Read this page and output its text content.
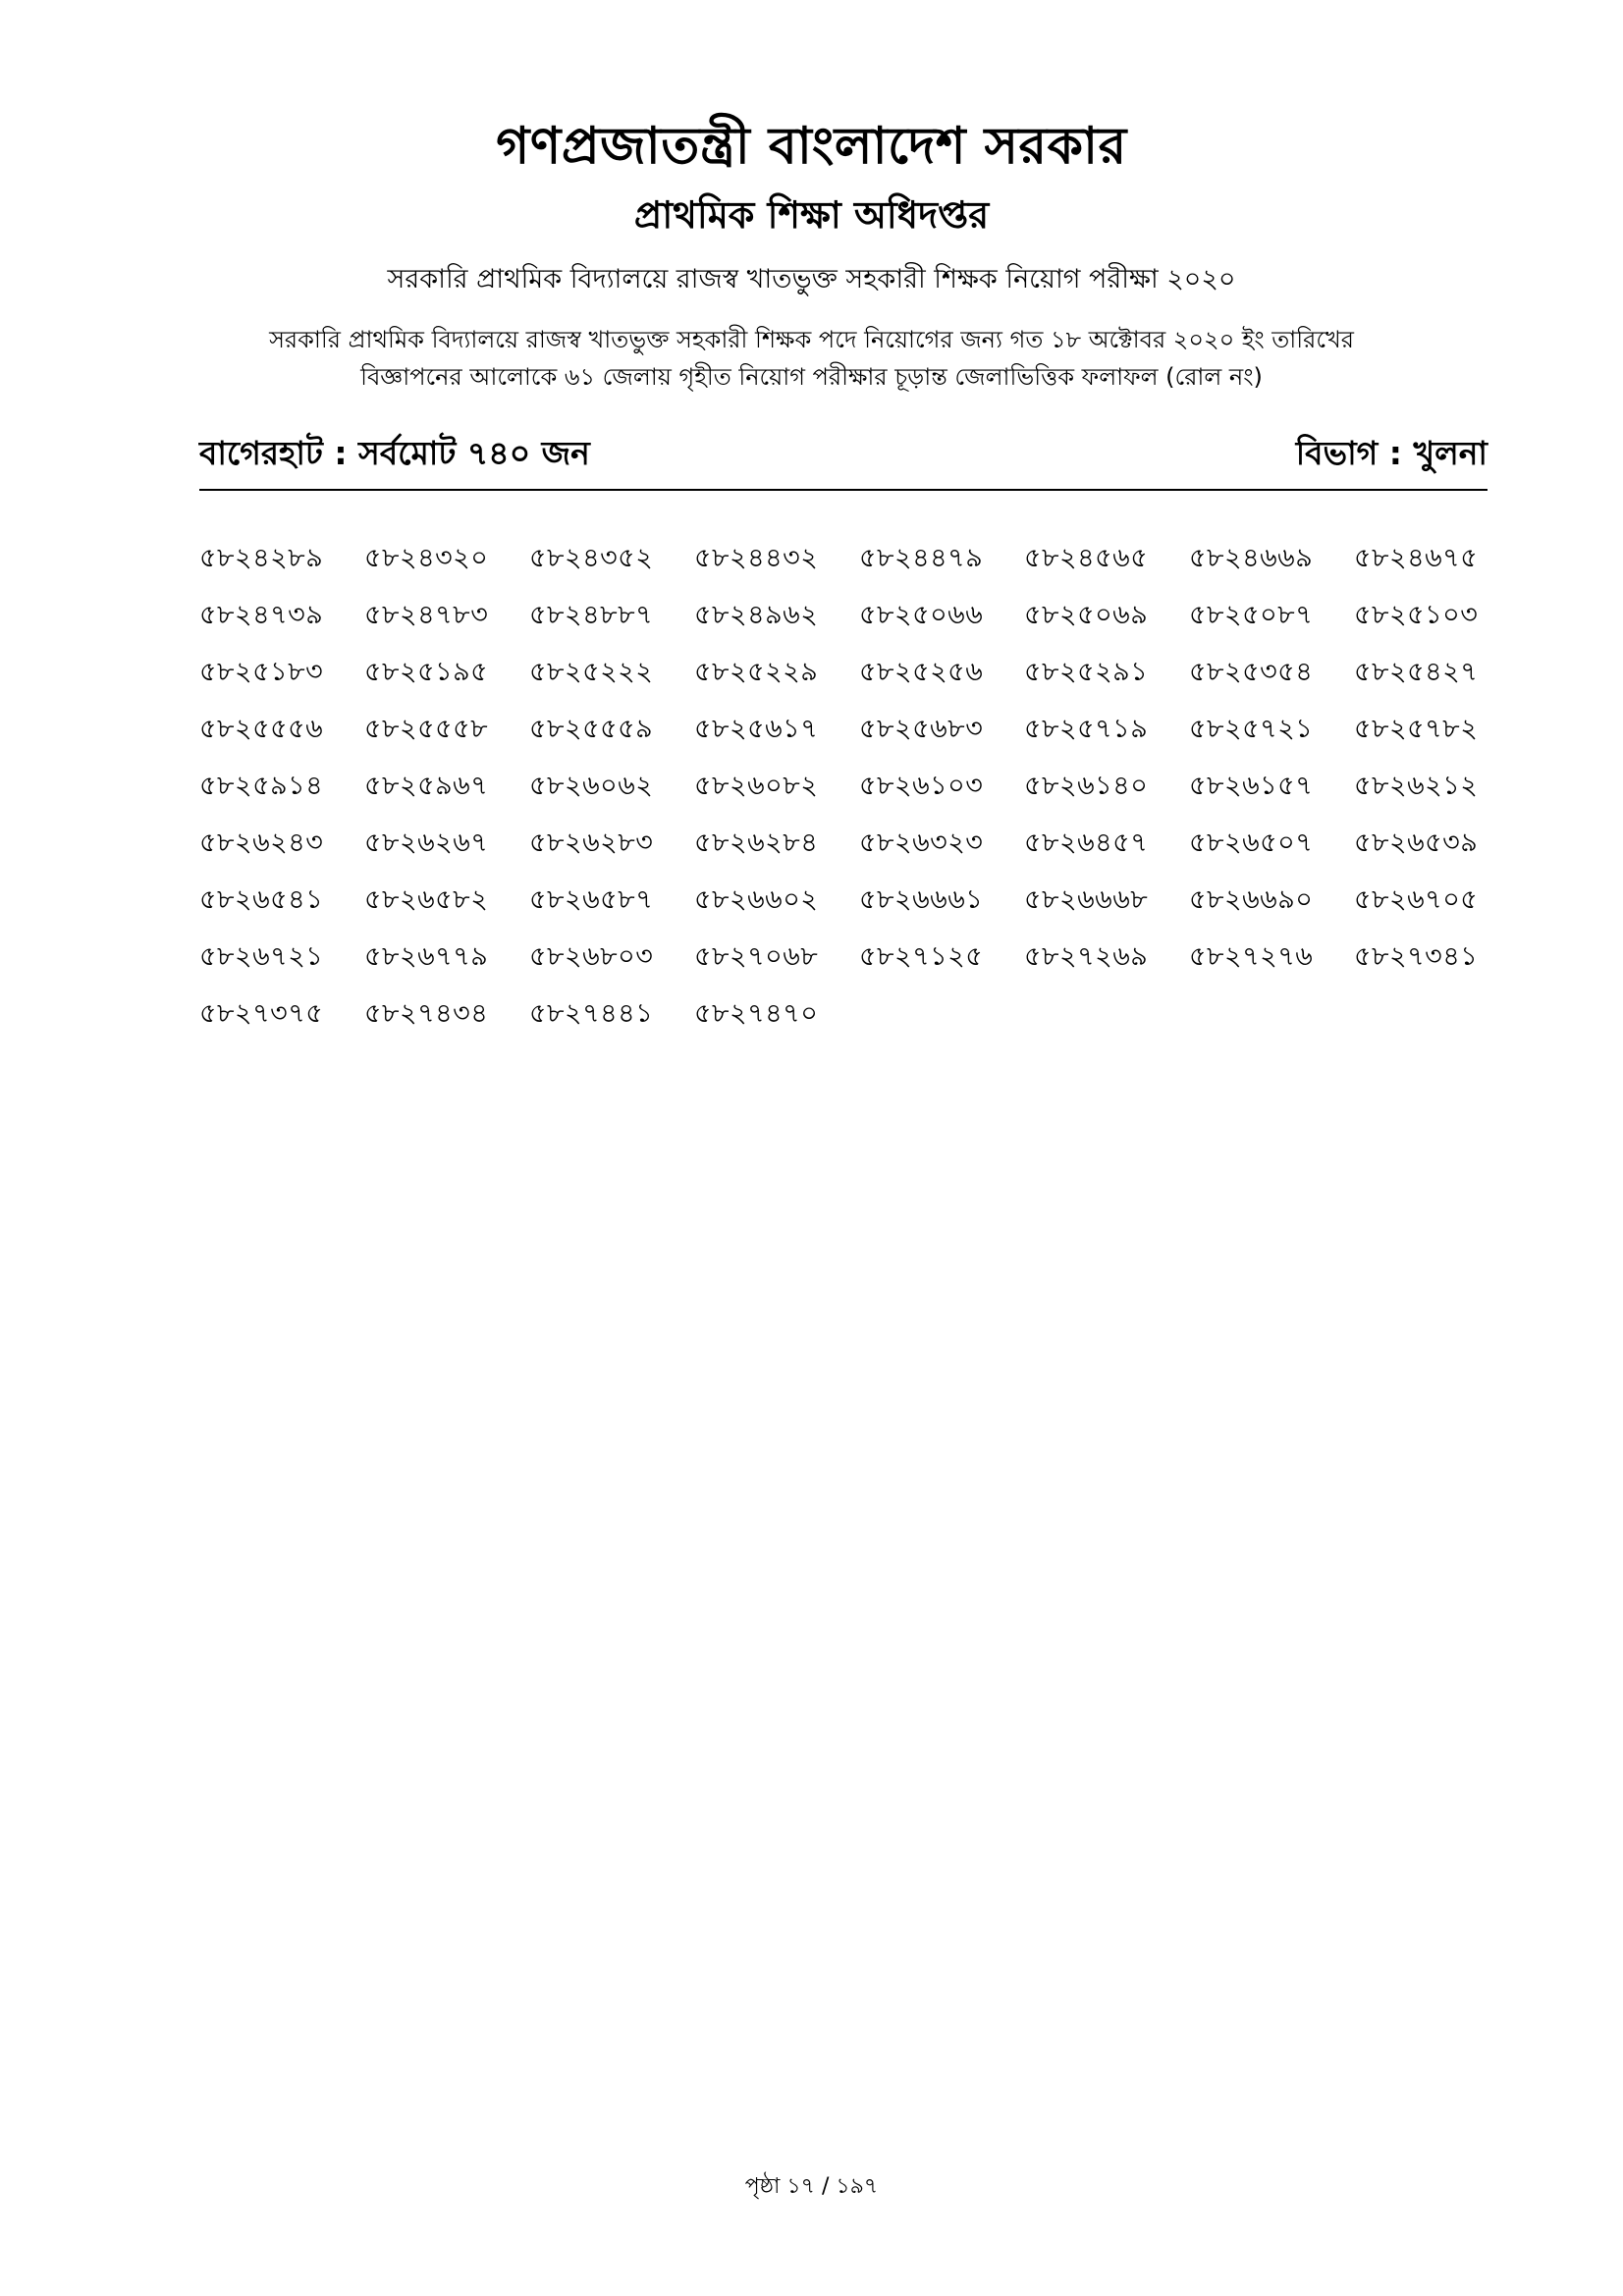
গণপ্রজাতন্ত্রী বাংলাদেশ সরকার
প্রাথমিক শিক্ষা অধিদপ্তর
সরকারি প্রাথমিক বিদ্যালয়ে রাজস্ব খাতভুক্ত সহকারী শিক্ষক নিয়োগ পরীক্ষা ২০২০
সরকারি প্রাথমিক বিদ্যালয়ে রাজস্ব খাতভুক্ত সহকারী শিক্ষক পদে নিয়োগের জন্য গত ১৮ অক্টোবর ২০২০ ইং তারিখের
বিজ্ঞাপনের আলোকে ৬১ জেলায় গৃহীত নিয়োগ পরীক্ষার চূড়ান্ত জেলাভিত্তিক ফলাফল (রোল নং)
বাগেরহাট : সর্বমোট ৭৪০ জন	বিভাগ : খুলনা
৫৮২৪২৮৯	৫৮২৪৩২০	৫৮২৪৩৫২	৫৮২৪৪৩২	৫৮২৪৪৭৯	৫৮২৪৫৬৫	৫৮২৪৬৬৯	৫৮২৪৬৭৫
৫৮২৪৭৩৯	৫৮২৪৭৮৩	৫৮২৪৮৮৭	৫৮২৪৯৬২	৫৮২৫০৬৬	৫৮২৫০৬৯	৫৮২৫০৮৭	৫৮২৫১০৩
৫৮২৫১৮৩	৫৮২৫১৯৫	৫৮২৫২২২	৫৮২৫২২৯	৫৮২৫২৫৬	৫৮২৫২৯১	৫৮২৫৩৫৪	৫৮২৫৪২৭
৫৮২৫৫৫৬	৫৮২৫৫৫৮	৫৮২৫৫৫৯	৫৮২৫৬১৭	৫৮২৫৬৮৩	৫৮২৫৭১৯	৫৮২৫৭২১	৫৮২৫৭৮২
৫৮২৫৯১৪	৫৮২৫৯৬৭	৫৮২৬০৬২	৫৮২৬০৮২	৫৮২৬১০৩	৫৮২৬১৪০	৫৮২৬১৫৭	৫৮২৬২১২
৫৮২৬২৪৩	৫৮২৬২৬৭	৫৮২৬২৮৩	৫৮২৬২৮৪	৫৮২৬৩২৩	৫৮২৬৪৫৭	৫৮২৬৫০৭	৫৮২৬৫৩৯
৫৮২৬৫৪১	৫৮২৬৫৮২	৫৮২৬৫৮৭	৫৮২৬৬০২	৫৮২৬৬৬১	৫৮২৬৬৬৮	৫৮২৬৬৯০	৫৮২৬৭০৫
৫৮২৬৭২১	৫৮২৬৭৭৯	৫৮২৬৮০৩	৫৮২৭০৬৮	৫৮২৭১২৫	৫৮২৭২৬৯	৫৮২৭২৭৬	৫৮২৭৩৪১
৫৮২৭৩৭৫	৫৮২৭৪৩৪	৫৮২৭৪৪১	৫৮২৭৪৭০
পৃষ্ঠা ১৭ / ১৯৭
